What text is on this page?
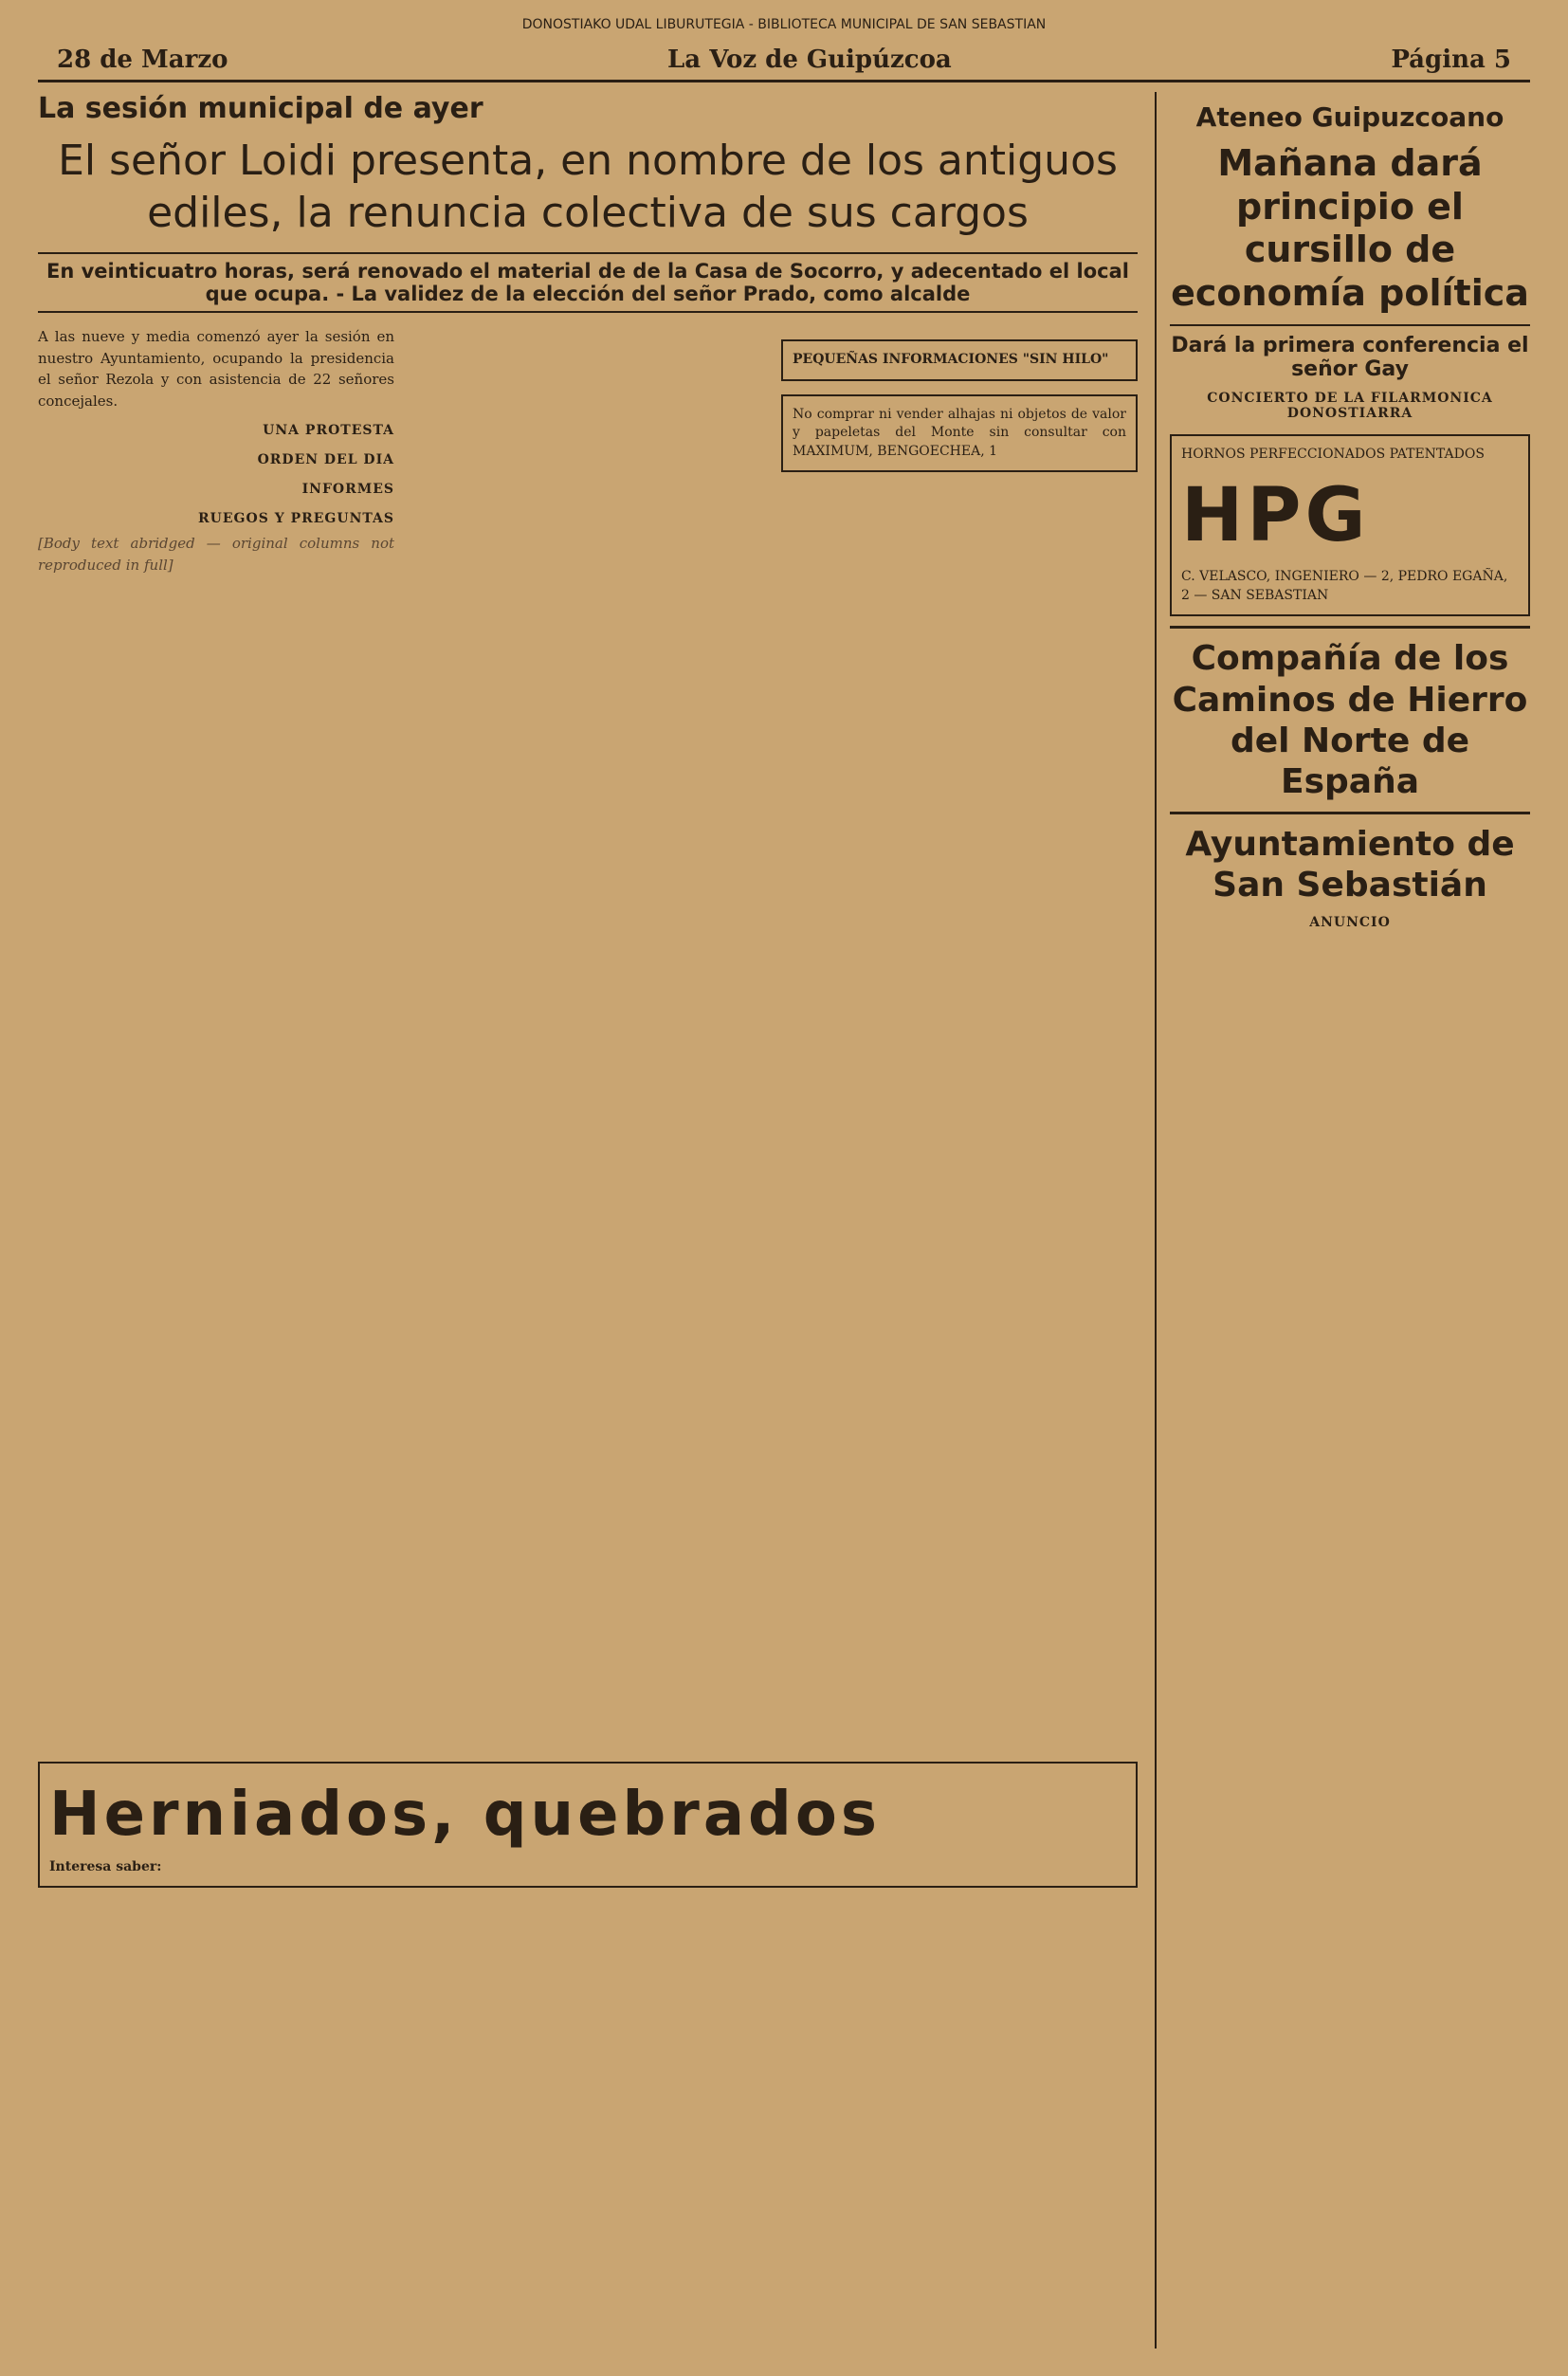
DONOSTIAKO UDAL LIBURUTEGIA - BIBLIOTECA MUNICIPAL DE SAN SEBASTIAN
28 de Marzo	La Voz de Guipúzcoa	Página 5
La sesión municipal de ayer
El señor Loidi presenta, en nombre de los antiguos ediles, la renuncia colectiva de sus cargos
En veinticuatro horas, será renovado el material de de la Casa de Socorro, y adecentado el local que ocupa. - La validez de la elección del señor Prado, como alcalde

A las nueve y media comenzó ayer la sesión en nuestro Ayuntamiento, ocupando la presidencia el señor Rezola y con asistencia de 22 señores concejales.

UNA PROTESTA
ORDEN DEL DIA
INFORMES
RUEGOS Y PREGUNTAS

[Body text abridged — original columns not reproduced in full]

PEQUEÑAS INFORMACIONES "SIN HILO"
No comprar ni vender alhajas ni objetos de valor y papeletas del Monte sin consultar con MAXIMUM, BENGOECHEA, 1
Herniados, quebrados
Interesa saber:
Ateneo Guipuzcoano
Mañana dará principio el cursillo de economía política
Dará la primera conferencia el señor Gay
CONCIERTO DE LA FILARMONICA DONOSTIARRA
HORNOS PERFECCIONADOS PATENTADOS
HPG
C. VELASCO, INGENIERO — 2, PEDRO EGAÑA, 2 — SAN SEBASTIAN
Compañía de los Caminos de Hierro del Norte de España
Ayuntamiento de San Sebastián
ANUNCIO
